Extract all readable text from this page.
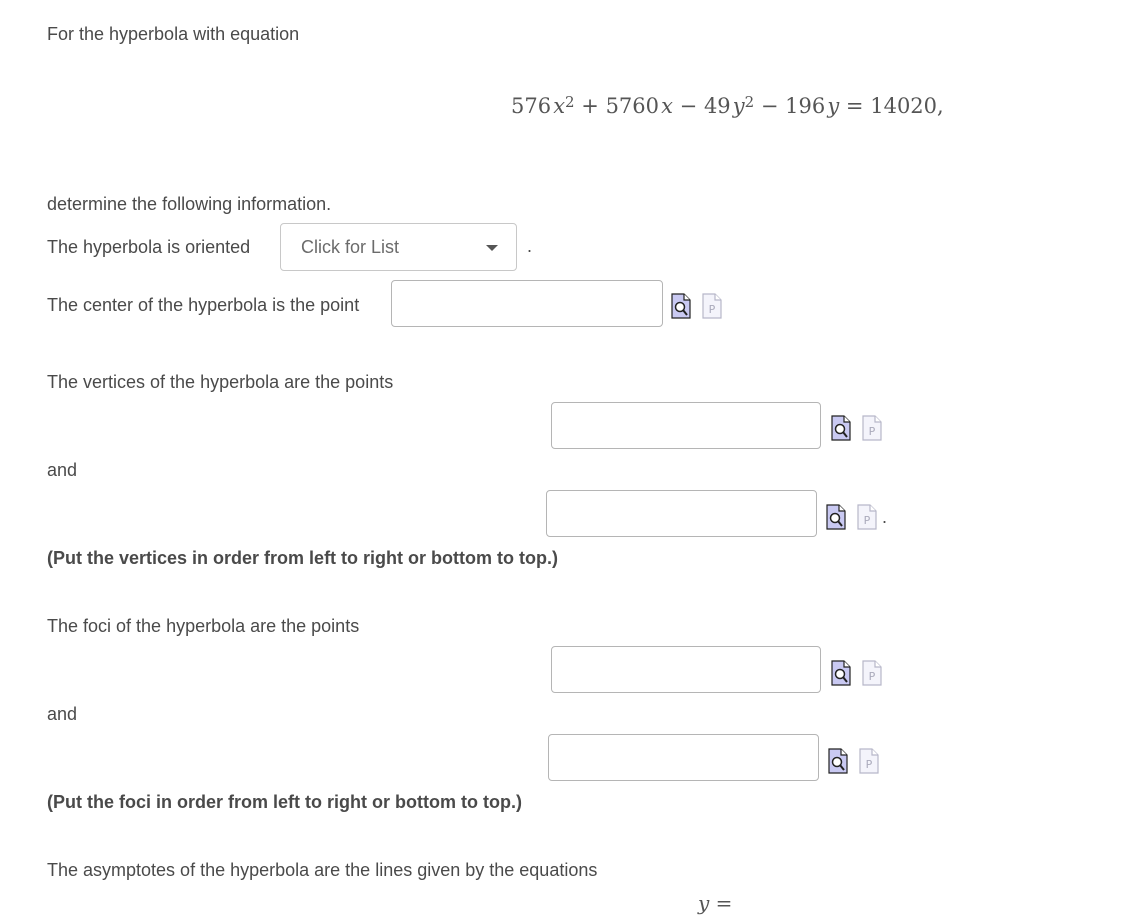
For the hyperbola with equation
576 $x^2 + 5760$ x − 49 $y^2 - 196$ y = 14020,
determine the following information.
The hyperbola is oriented	Click for List	.
The center of the hyperbola is the point	P
The vertices of the hyperbola are the points
P
and
P .
(Put the vertices in order from left to right or bottom to top.)
The foci of the hyperbola are the points
P
and
P
(Put the foci in order from left to right or bottom to top.)
The asymptotes of the hyperbola are the lines given by the equations
y =
